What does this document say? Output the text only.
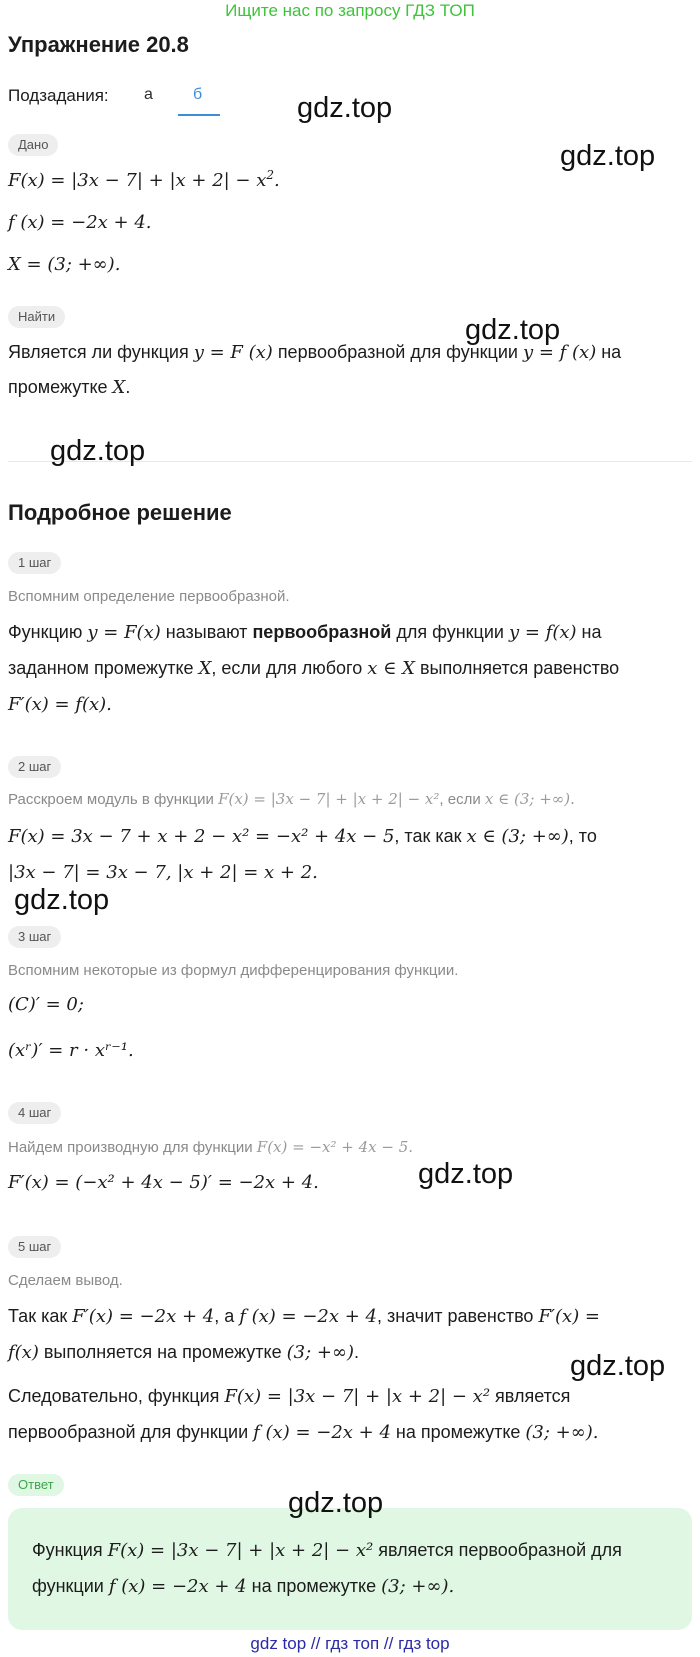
Ищите нас по запросу ГДЗ ТОП
Упражнение 20.8
Подзадания: а	б
Дано
$F(x) = |3x - 7| + |x + 2| - x^2$.
f (x) = −2x + 4.
X = (3; +∞).
Найти
Является ли функция y = F (x) первообразной для функции y = f (x) на
промежутке X.
Подробное решение
1 шаг
Вспомним определение первообразной.
Функцию y = F(x) называют первообразной для функции y = f(x) на
заданном промежутке X, если для любого x ∈ X выполняется равенство
F′(x) = f(x).
2 шаг
Расскроем модуль в функции F(x) = |3x − 7| + |x + 2| − x², если x ∈ (3; +∞).
F(x) = 3x − 7 + x + 2 − x² = −x² + 4x − 5, так как x ∈ (3; +∞), то
|3x − 7| = 3x − 7, |x + 2| = x + 2.
3 шаг
Вспомним некоторые из формул дифференцирования функции.
(C)′ = 0;
(xʳ)′ = r · xʳ⁻¹.
4 шаг
Найдем производную для функции F(x) = −x² + 4x − 5.
F′(x) = (−x² + 4x − 5)′ = −2x + 4.
5 шаг
Сделаем вывод.
Так как F′(x) = −2x + 4, а f (x) = −2x + 4, значит равенство F′(x) =
f(x) выполняется на промежутке (3; +∞).
Следовательно, функция F(x) = |3x − 7| + |x + 2| − x² является
первообразной для функции f (x) = −2x + 4 на промежутке (3; +∞).
Ответ
Функция F(x) = |3x − 7| + |x + 2| − x² является первообразной для
функции f (x) = −2x + 4 на промежутке (3; +∞).
gdz.top
gdz.top
gdz.top
gdz.top
gdz.top
gdz.top
gdz.top
gdz.top
gdz top // гдз топ // гдз top
